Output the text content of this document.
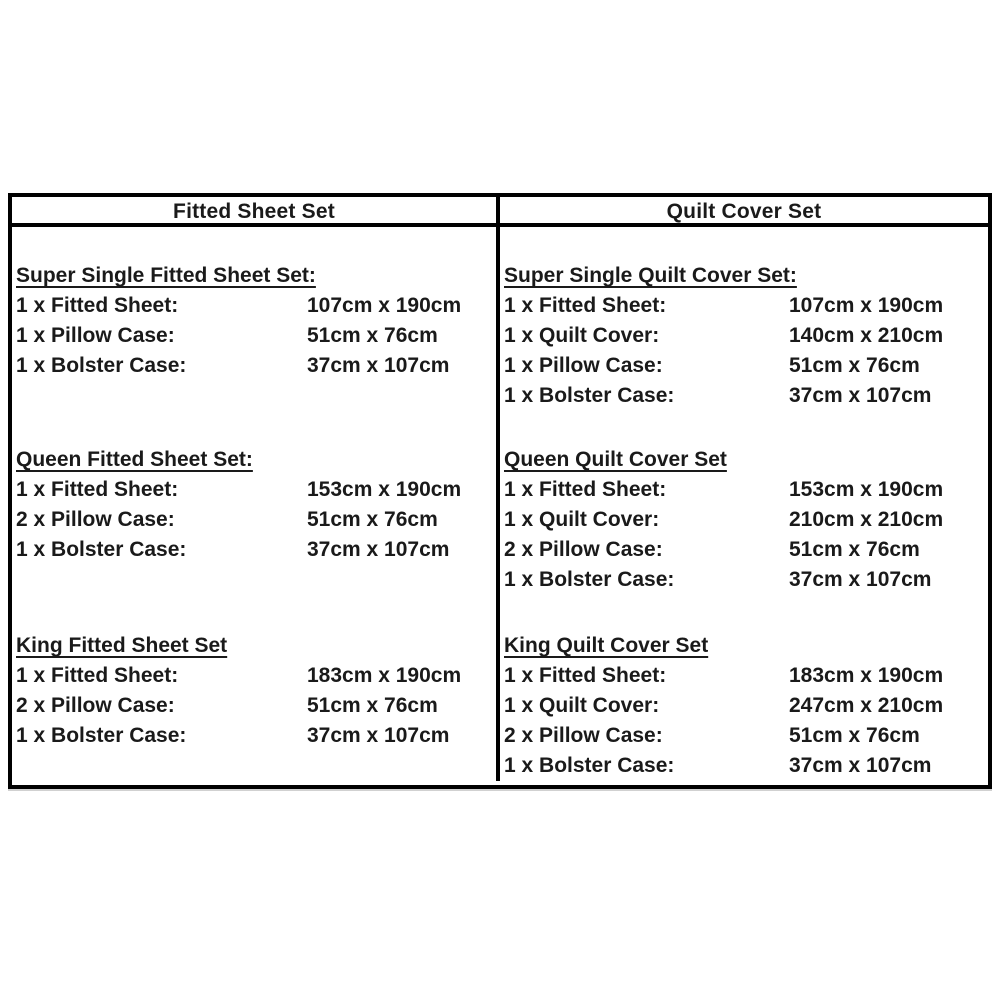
Fitted Sheet Set	Quilt Cover Set
Super Single Fitted Sheet Set:
1 x Fitted Sheet:	107cm x 190cm
1 x Pillow Case:	51cm x 76cm
1 x Bolster Case:	37cm x 107cm
Queen Fitted Sheet Set:
1 x Fitted Sheet:	153cm x 190cm
2 x Pillow Case:	51cm x 76cm
1 x Bolster Case:	37cm x 107cm
King Fitted Sheet Set
1 x Fitted Sheet:	183cm x 190cm
2 x Pillow Case:	51cm x 76cm
1 x Bolster Case:	37cm x 107cm
Super Single Quilt Cover Set:
1 x Fitted Sheet:	107cm x 190cm
1 x Quilt Cover:	140cm x 210cm
1 x Pillow Case:	51cm x 76cm
1 x Bolster Case:	37cm x 107cm
Queen Quilt Cover Set
1 x Fitted Sheet:	153cm x 190cm
1 x Quilt Cover:	210cm x 210cm
2 x Pillow Case:	51cm x 76cm
1 x Bolster Case:	37cm x 107cm
King Quilt Cover Set
1 x Fitted Sheet:	183cm x 190cm
1 x Quilt Cover:	247cm x 210cm
2 x Pillow Case:	51cm x 76cm
1 x Bolster Case:	37cm x 107cm
